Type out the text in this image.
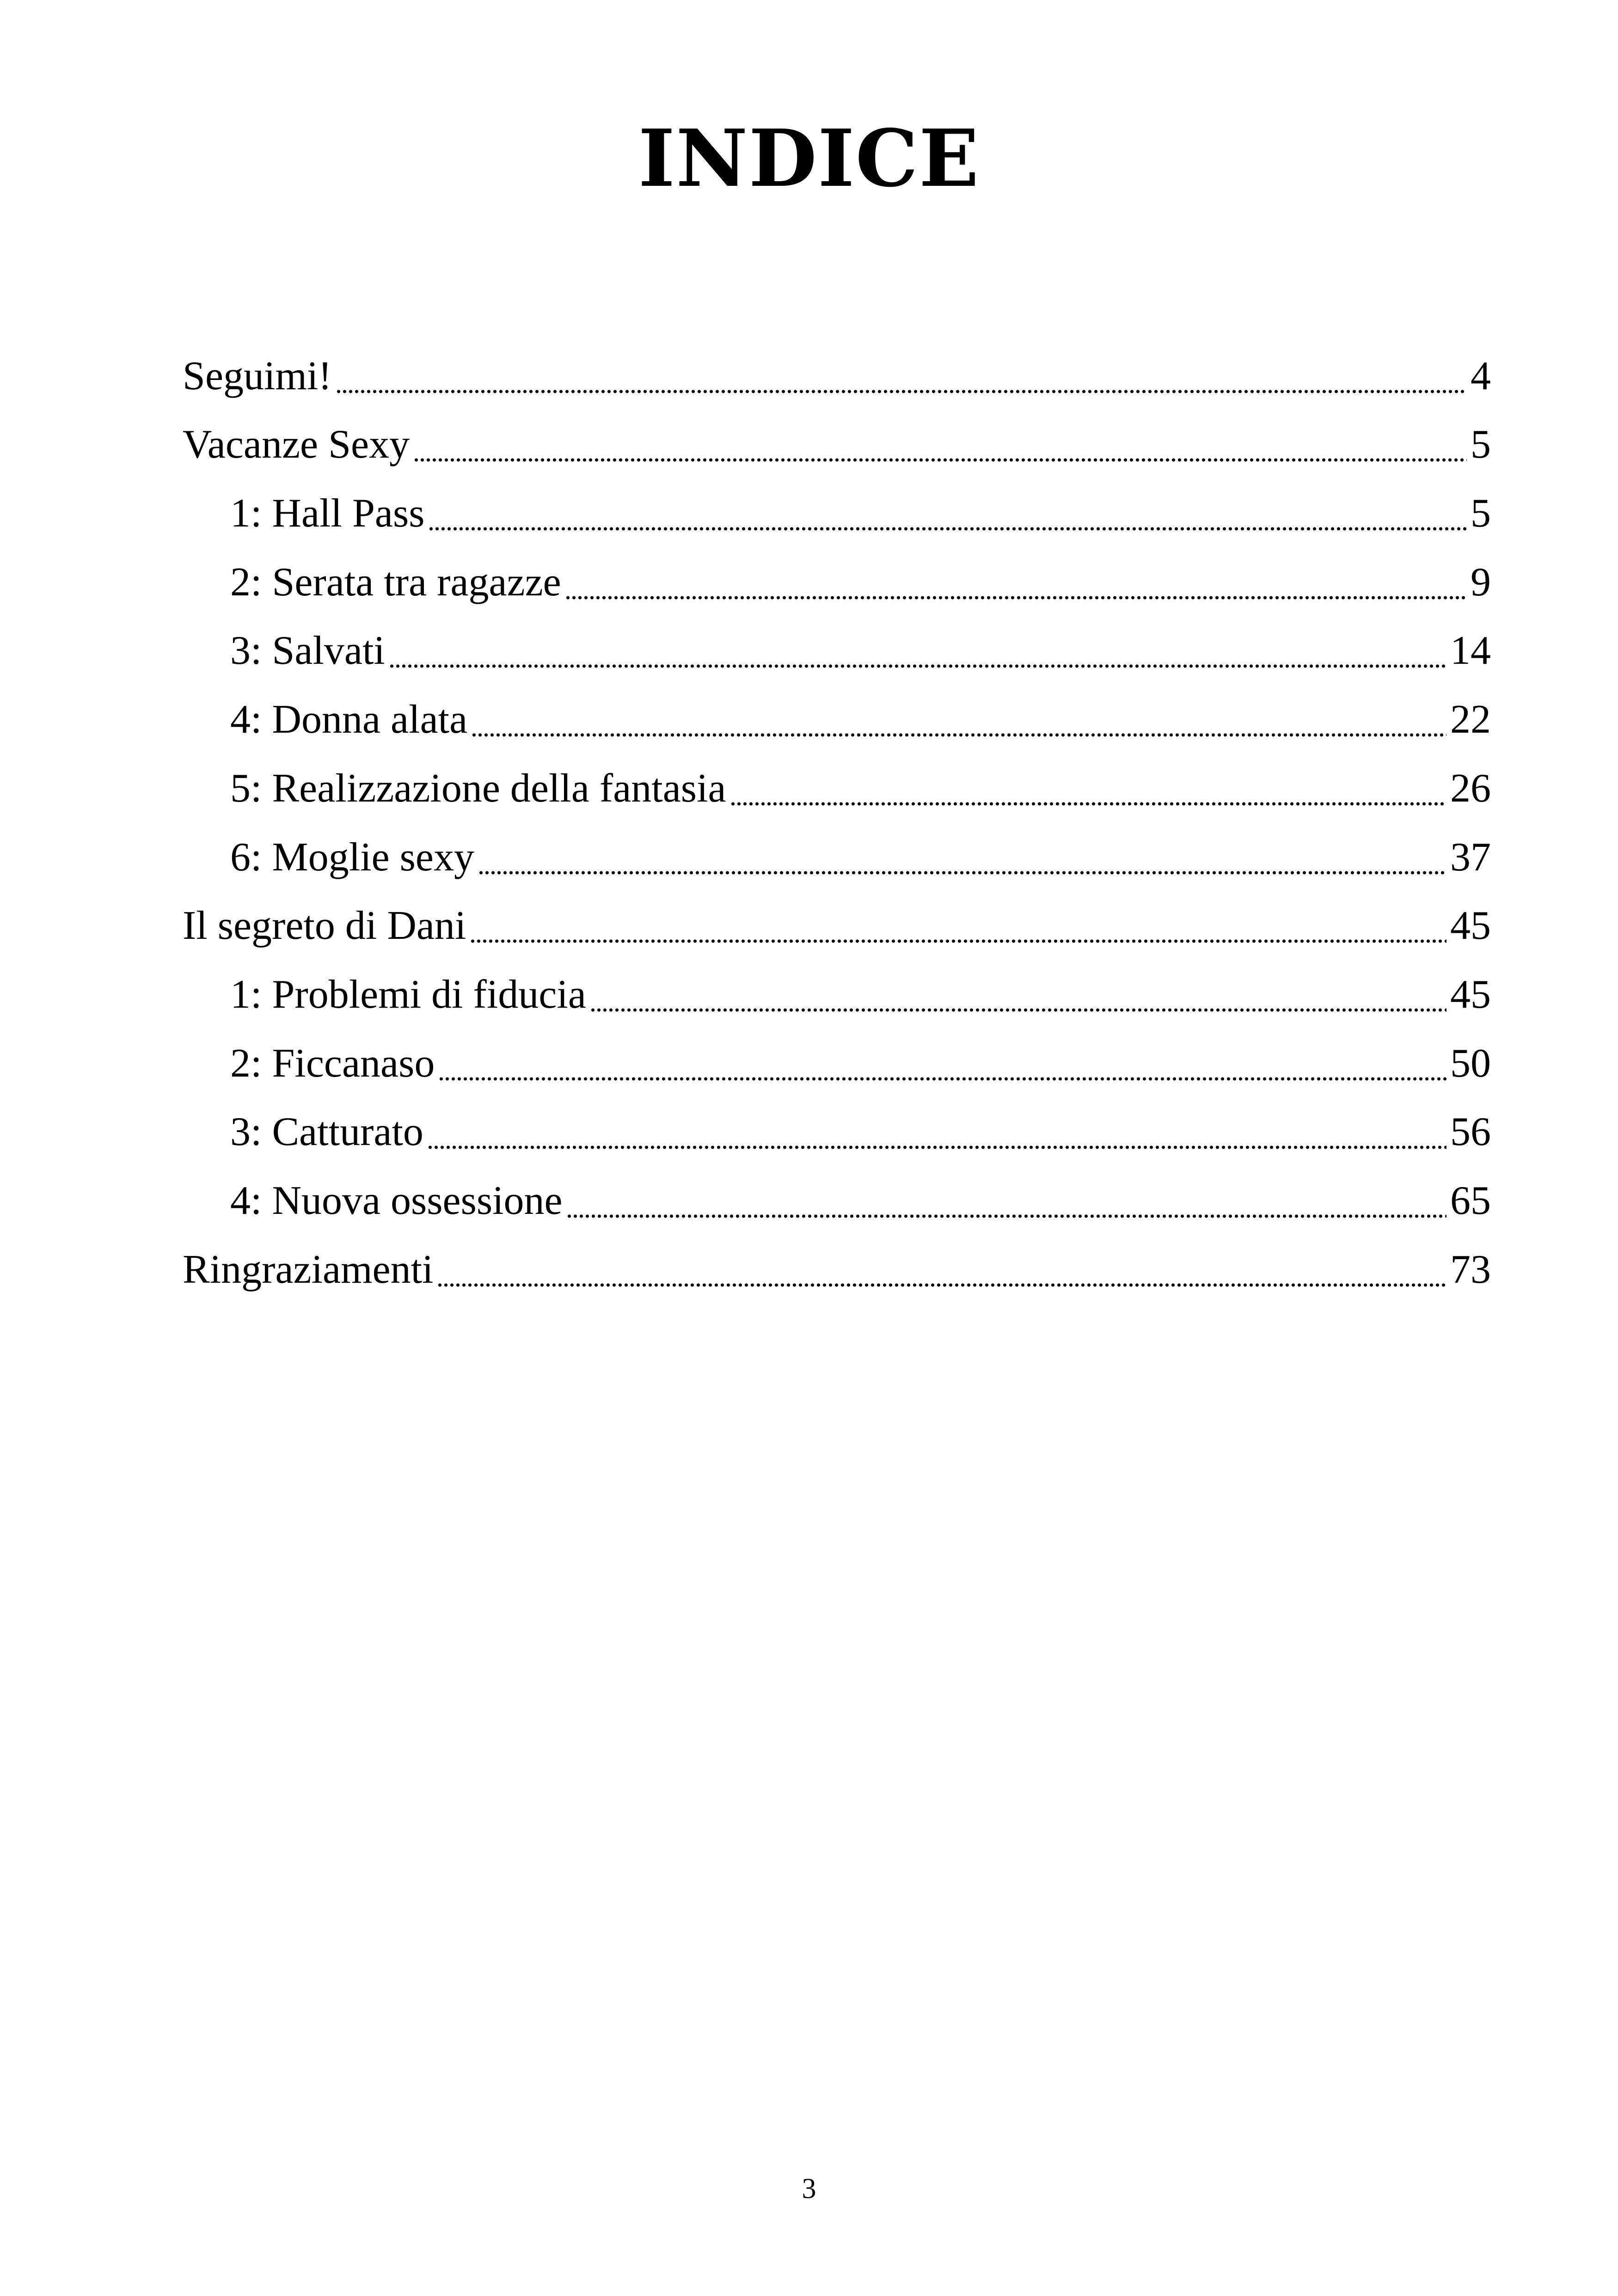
INDICE
Seguimi!	4
Vacanze Sexy	5
1: Hall Pass	5
2: Serata tra ragazze	9
3: Salvati	14
4: Donna alata	22
5: Realizzazione della fantasia	26
6: Moglie sexy	37
Il segreto di Dani	45
1: Problemi di fiducia	45
2: Ficcanaso	50
3: Catturato	56
4: Nuova ossessione	65
Ringraziamenti	73
3
